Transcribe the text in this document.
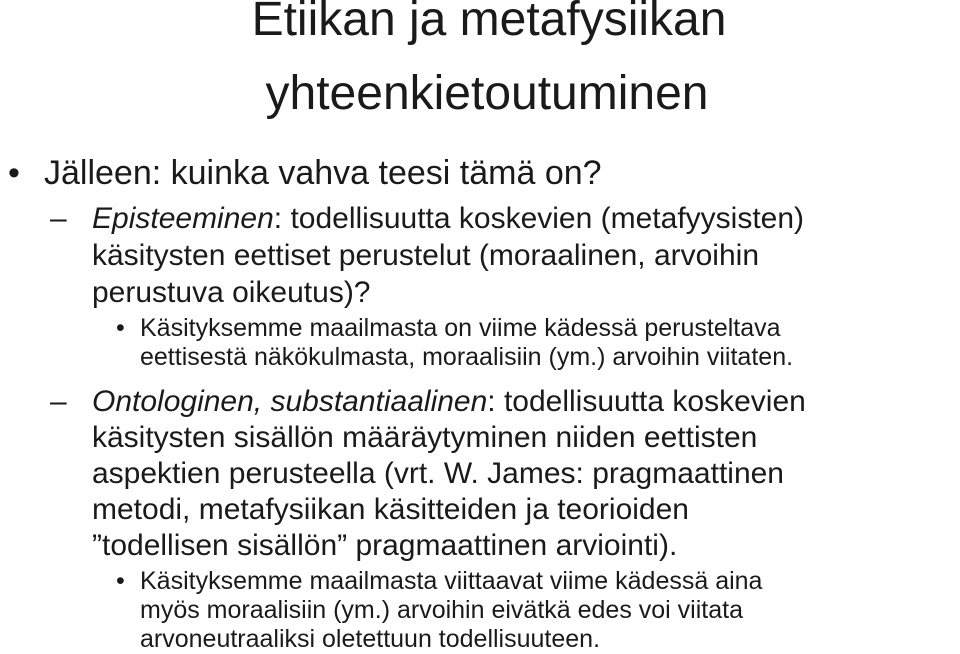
Etiikan ja metafysiikan
yhteenkietoutuminen
• Jälleen: kuinka vahva teesi tämä on?
– Episteeminen: todellisuutta koskevien (metafyysisten)
käsitysten eettiset perustelut (moraalinen, arvoihin
perustuva oikeutus)?
• Käsityksemme maailmasta on viime kädessä perusteltava
eettisestä näkökulmasta, moraalisiin (ym.) arvoihin viitaten.
– Ontologinen, substantiaalinen: todellisuutta koskevien
käsitysten sisällön määräytyminen niiden eettisten
aspektien perusteella (vrt. W. James: pragmaattinen
metodi, metafysiikan käsitteiden ja teorioiden
”todellisen sisällön” pragmaattinen arviointi).
• Käsityksemme maailmasta viittaavat viime kädessä aina
myös moraalisiin (ym.) arvoihin eivätkä edes voi viitata
arvoneutraaliksi oletettuun todellisuuteen.
